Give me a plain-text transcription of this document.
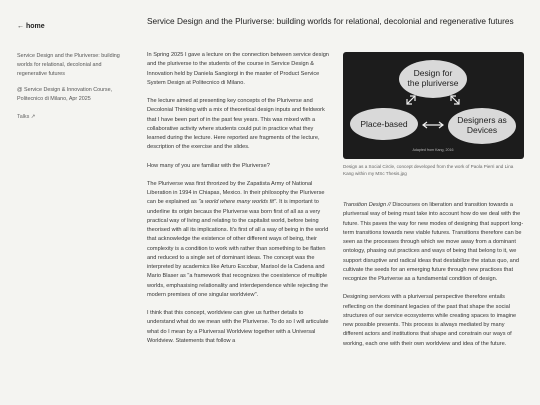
← home
Service Design and the Pluriverse: building worlds for relational, decolonial and regenerative futures
@ Service Design & Innovation Course, Politecnico di Milano, Apr 2025
Talks ↗
Service Design and the Pluriverse: building worlds for relational, decolonial and regenerative futures

In Spring 2025 I gave a lecture on the connection between service design and the pluriverse to the students of the course in Service Design & Innovation held by Daniela Sangiorgi in the master of Product Service System Design at Politecnico di Milano.

The lecture aimed at presenting key concepts of the Pluriverse and Decolonial Thinking with a mix of theoretical design inputs and fieldwork that I have been part of in the past few years. This was mixed with a collaborative activity where students could put in practice what they learned during the lecture. Here reported are fragments of the lecture, description of the exercise and the slides.

How many of you are familiar with the Pluriverse?

The Pluriverse was first throrized by the Zapatista Army of National Liberation in 1994 in Chiapas, Mexico. In their philosophy the Pluriverse can be explained as "a world where many worlds fit". It is important to underline its origin becaus the Pluriverse was born first of all as a very practical way of living and relating to the capitalist world, before being theorised with all its implications. It's first of all a way of being in the world that acknowledge the existence of other different ways of being, their complexity is a condition to work with rather than something to be flatten and reduced to a single set of dominant ideas. The concept was the interpreted by academics like Arturo Escobar, Marisol de la Cadena and Mario Blaser as "a framework that recognizes the coexistence of multiple worlds, emphasising relationality and interdependence while rejecting the modern premises of one singular worldview".

I think that this concept, worldview can give us further details to understand what do we mean with the Pluriverse. To do so I will articulate what do I mean by a Pluriversal Worldview together with a Universal Worldview. Statements that follow a

Design for
the pluriverse
Place-based	Designers as
Devices
Adapted from Kang, 2016
Design as a Social Circle, concept developed from the work of Paola Pierri and Lina Kang within my MSc Thesis.jpg

Transition Design // Discourses on liberation and transition towards a pluriversal way of being must take into account how do we deal with the future. This paves the way for new modes of designing that support long-term transitions towards new viable futures. Transitions therefore can be seen as the processes through which we move away from a dominant ontology, phasing out practices and ways of being that belong to it, we support disruptive and radical ideas that destabilize the status quo, and cultivate the seeds for an emerging future through new practices that recognize the Pluriverse as a fundamental condition of design.

Designing services with a pluriversal perspective therefore entails reflecting on the dominant legacies of the past that shape the social structures of our service ecosystems while creating spaces to imagine new possible presents. This process is always mediated by many different actors and institutions that shape and constrain our ways of working, each one with their own worldview and idea of the future.
